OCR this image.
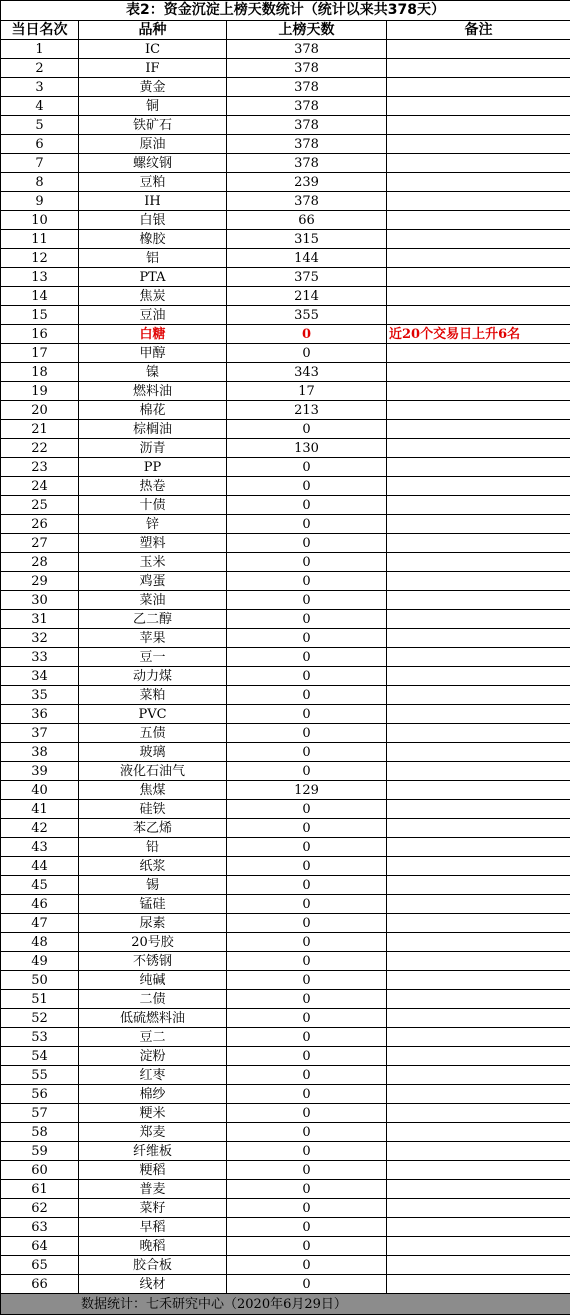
表2：资金沉淀上榜天数统计（统计以来共378天）			
当日名次	品种	上榜天数	备注
1	IC	378	
2	IF	378	
3	黄金	378	
4	铜	378	
5	铁矿石	378	
6	原油	378	
7	螺纹钢	378	
8	豆粕	239	
9	IH	378	
10	白银	66	
11	橡胶	315	
12	铝	144	
13	PTA	375	
14	焦炭	214	
15	豆油	355	
16	白糖	0	近20个交易日上升6名
17	甲醇	0	
18	镍	343	
19	燃料油	17	
20	棉花	213	
21	棕榈油	0	
22	沥青	130	
23	PP	0	
24	热卷	0	
25	十债	0	
26	锌	0	
27	塑料	0	
28	玉米	0	
29	鸡蛋	0	
30	菜油	0	
31	乙二醇	0	
32	苹果	0	
33	豆一	0	
34	动力煤	0	
35	菜粕	0	
36	PVC	0	
37	五债	0	
38	玻璃	0	
39	液化石油气	0	
40	焦煤	129	
41	硅铁	0	
42	苯乙烯	0	
43	铅	0	
44	纸浆	0	
45	锡	0	
46	锰硅	0	
47	尿素	0	
48	20号胶	0	
49	不锈钢	0	
50	纯碱	0	
51	二债	0	
52	低硫燃料油	0	
53	豆二	0	
54	淀粉	0	
55	红枣	0	
56	棉纱	0	
57	粳米	0	
58	郑麦	0	
59	纤维板	0	
60	粳稻	0	
61	普麦	0	
62	菜籽	0	
63	早稻	0	
64	晚稻	0	
65	胶合板	0	
66	线材	0	
数据统计：七禾研究中心（2020年6月29日）			
